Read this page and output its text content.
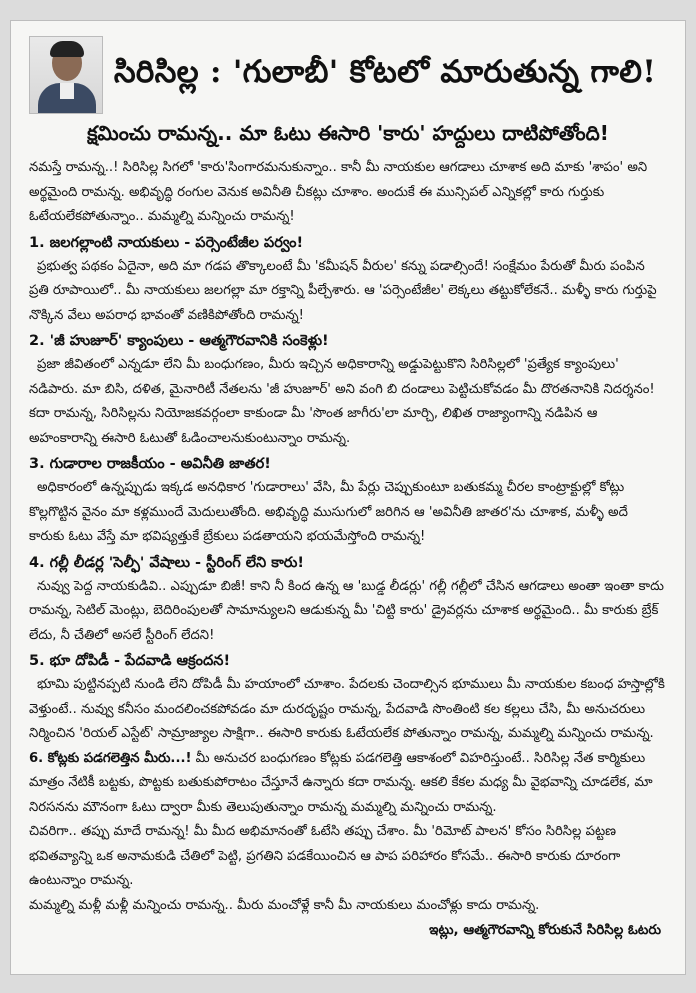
సిరిసిల్ల : 'గులాబీ' కోటలో మారుతున్న గాలి!
క్షమించు రామన్న.. మా ఓటు ఈసారి 'కారు' హద్దులు దాటిపోతోంది!

నమస్తే రామన్న..! సిరిసిల్ల సిగలో 'కారు'సింగారమనుకున్నాం.. కానీ మీ నాయకుల ఆగడాలు చూశాక అది మాకు 'శాపం' అని అర్థమైంది రామన్న. అభివృద్ధి రంగుల వెనుక అవినీతి చీకట్లు చూశాం. అందుకే ఈ మున్సిపల్ ఎన్నికల్లో కారు గుర్తుకు ఓటేయలేకపోతున్నాం.. మమ్మల్ని మన్నించు రామన్న!

1. జలగల్లాంటి నాయకులు - పర్సెంటేజీల పర్వం!

ప్రభుత్వ పథకం ఏదైనా, అది మా గడప తొక్కాలంటే మీ 'కమీషన్ వీరుల' కన్ను పడాల్సిందే! సంక్షేమం పేరుతో మీరు పంపిన ప్రతి రూపాయిలో.. మీ నాయకులు జలగల్లా మా రక్తాన్ని పీల్చేశారు. ఆ 'పర్సెంటేజీల' లెక్కలు తట్టుకోలేకనే.. మళ్ళీ కారు గుర్తుపై నొక్కిన వేలు అపరాధ భావంతో వణికిపోతోంది రామన్న!

2. 'జీ హుజూర్' క్యాంపులు - ఆత్మగౌరవానికి సంకెళ్లు!

ప్రజా జీవితంలో ఎన్నడూ లేని మీ బంధుగణం, మీరు ఇచ్చిన అధికారాన్ని అడ్డుపెట్టుకొని సిరిసిల్లలో 'ప్రత్యేక క్యాంపులు' నడిపారు. మా బిసి, దళిత, మైనారిటీ నేతలను 'జీ హుజూర్' అని వంగి బి దండాలు పెట్టిచుకోవడం మీ దొరతనానికి నిదర్శనం! కదా రామన్న, సిరిసిల్లను నియోజకవర్గంలా కాకుండా మీ 'సొంత జాగీరు'లా మార్చి, లిఖిత రాజ్యాంగాన్ని నడిపిన ఆ అహంకారాన్ని ఈసారి ఓటుతో ఓడించాలనుకుంటున్నాం రామన్న.

3. గుడారాల రాజకీయం - అవినీతి జాతర!

అధికారంలో ఉన్నప్పుడు ఇక్కడ అనధికార 'గుడారాలు' వేసి, మీ పేర్లు చెప్పుకుంటూ బతుకమ్మ చీరల కాంట్రాక్టుల్లో కోట్లు కొల్లగొట్టిన వైనం మా కళ్లముందే మెదులుతోంది. అభివృద్ధి ముసుగులో జరిగిన ఆ 'అవినీతి జాతర'ను చూశాక, మళ్ళీ అదే కారుకు ఓటు వేస్తే మా భవిష్యత్తుకే బ్రేకులు పడతాయని భయమేస్తోంది రామన్న!

4. గల్లీ లీడర్ల 'సెల్ఫీ' వేషాలు - స్టీరింగ్ లేని కారు!

నువ్వు పెద్ద నాయకుడివి.. ఎప్పుడూ బిజీ! కాని నీ కింద ఉన్న ఆ 'బుడ్డ లీడర్లు' గల్లీ గల్లీలో చేసిన ఆగడాలు అంతా ఇంతా కాదు రామన్న, సెటిల్ మెంట్లు, బెదిరింపులతో సామాన్యులని ఆడుకున్న మీ 'చిట్టి కారు' డ్రైవర్లను చూశాక అర్థమైంది.. మీ కారుకు బ్రేక్ లేదు, నీ చేతిలో అసలే స్టీరింగ్ లేదని!

5. భూ దోపిడీ - పేదవాడి ఆక్రందన!

భూమి పుట్టినప్పటి నుండి లేని దోపిడీ మీ హయాంలో చూశాం. పేదలకు చెందాల్సిన భూములు మీ నాయకుల కబంధ హస్తాల్లోకి వెళ్తుంటే.. నువ్వు కనీసం మందలించకపోవడం మా దురదృష్టం రామన్న, పేదవాడి సొంతింటి కల కల్లలు చేసి, మీ అనుచరులు నిర్మించిన 'రియల్ ఎస్టేట్' సామ్రాజ్యాల సాక్షిగా.. ఈసారి కారుకు ఓటేయలేక పోతున్నాం రామన్న, మమ్మల్ని మన్నించు రామన్న.

6. కోట్లకు పడగలెత్తిన మీరు...! మీ అనుచర బంధుగణం కోట్లకు పడగలెత్తి ఆకాశంలో విహరిస్తుంటే.. సిరిసిల్ల నేత కార్మికులు మాత్రం నేటికీ బట్టకు, పొట్టకు బతుకుపోరాటం చేస్తూనే ఉన్నారు కదా రామన్న. ఆకలి కేకల మధ్య మీ వైభవాన్ని చూడలేక, మా నిరసనను మౌనంగా ఓటు ద్వారా మీకు తెలుపుతున్నాం రామన్న మమ్మల్ని మన్నించు రామన్న.

చివరిగా.. తప్పు మాదే రామన్న! మీ మీద అభిమానంతో ఓటేసి తప్పు చేశాం. మీ 'రిమోట్ పాలన' కోసం సిరిసిల్ల పట్టణ భవితవ్యాన్ని ఒక అనామకుడి చేతిలో పెట్టి, ప్రగతిని పడకేయించిన ఆ పాప పరిహారం కోసమే.. ఈసారి కారుకు దూరంగా ఉంటున్నాం రామన్న.

మమ్మల్ని మళ్లీ మళ్లీ మన్నించు రామన్న.. మీరు మంచోళ్లే కానీ మీ నాయకులు మంచోళ్లు కాదు రామన్న.

ఇట్లు, ఆత్మగౌరవాన్ని కోరుకునే సిరిసిల్ల ఓటరు
